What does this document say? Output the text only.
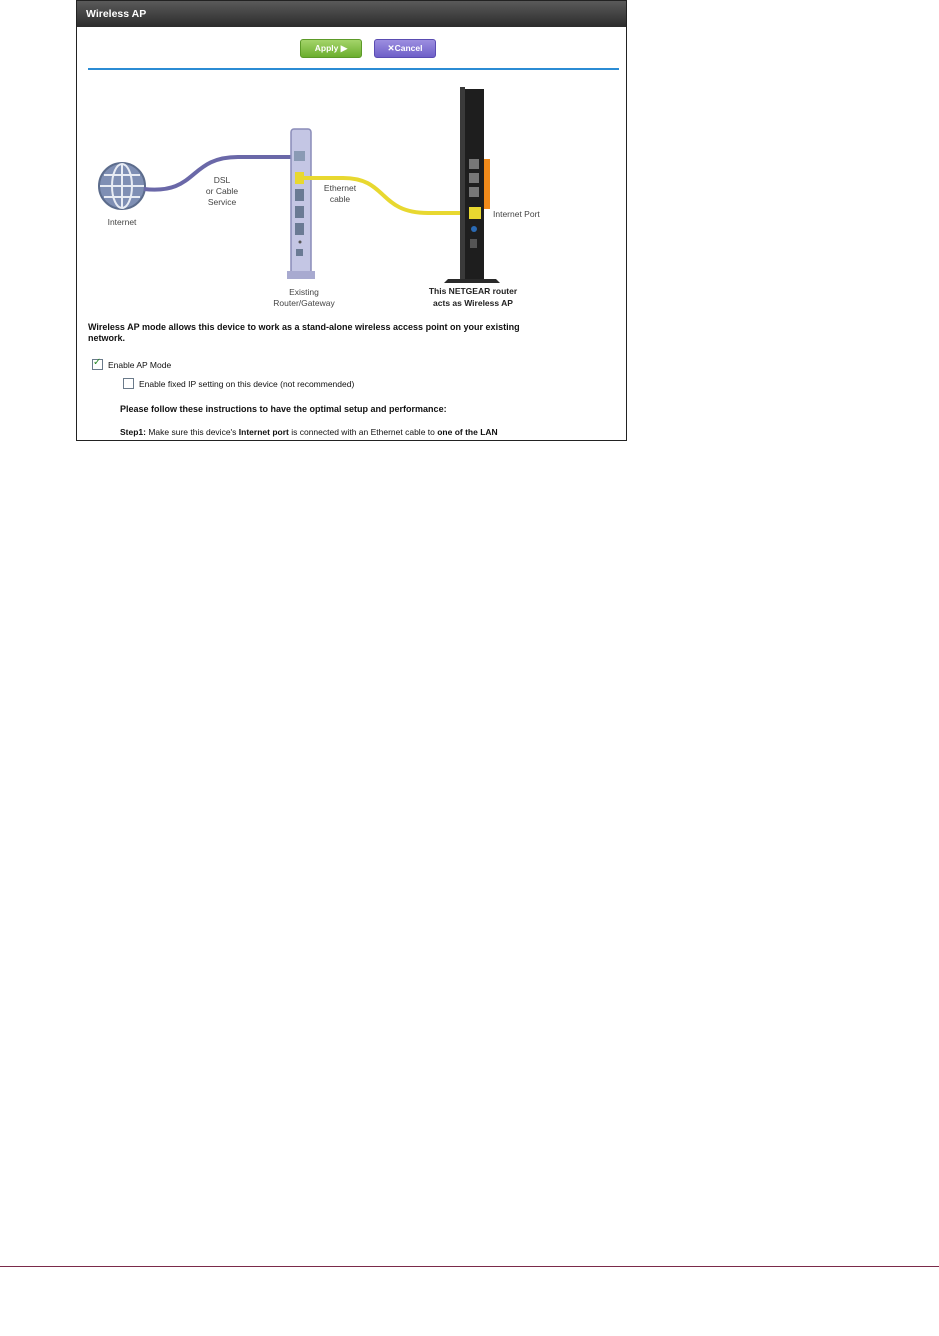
Wireless AP
Apply ▶	✕Cancel
Internet
DSL
or Cable
Service
Ethernet
cable
Internet Port
Existing
Router/Gateway
This NETGEAR router
acts as Wireless AP
Wireless AP mode allows this device to work as a stand-alone wireless access point on your existing
network.
✓
Enable AP Mode
Enable fixed IP setting on this device (not recommended)
Please follow these instructions to have the optimal setup and performance:
Step1: Make sure this device's Internet port is connected with an Ethernet cable to one of the LAN
